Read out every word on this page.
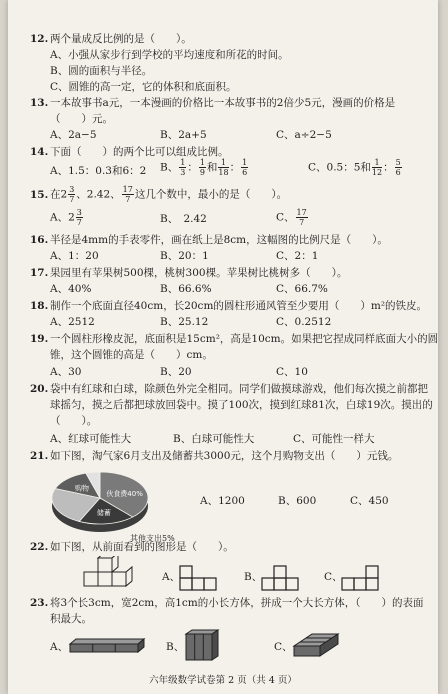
12. 两个量成反比例的是（　　）。
A、小强从家步行到学校的平均速度和所花的时间。
B、圆的面积与半径。
C、圆锥的高一定，它的体积和底面积。
13. 一本故事书a元，一本漫画的价格比一本故事书的2倍少5元，漫画的价格是
（　　）元。
A、2a−5	B、2a+5	C、a÷2−5
14. 下面（　　）的两个比可以组成比例。
A、1.5：0.3和6：2 B、 $\frac{1}{3}$ ： $\frac{1}{9}$ 和 $\frac{1}{18}$ ： $\frac{1}{6}$	C、0.5：5和 $\frac{1}{12}$ ： $\frac{5}{6}$
15. 在$2 \frac{3}{7}$ 、2.42、 $\frac{17}{7}$ 这几个数中，最小的是（　　）。
A、$2 \frac{3}{7}$	B、　2.42	C、 $\frac{17}{7}$
16. 半径是4mm的手表零件，画在纸上是8cm，这幅图的比例尺是（　　）。
A、1：20	B、20：1	C、2：1
17. 果园里有苹果树500棵，桃树300棵。苹果树比桃树多（　　）。
A、40%	B、66.6%	C、66.7%
18. 制作一个底面直径40cm，长20cm的圆柱形通风管至少要用（　　）m²的铁皮。
A、2512	B、25.12	C、0.2512
19. 一个圆柱形橡皮泥，底面积是15cm²，高是10cm。如果把它捏成同样底面大小的圆
锥，这个圆锥的高是（　　）cm。
A、30	B、20	C、10
20. 袋中有红球和白球，除颜色外完全相同。同学们做摸球游戏，他们每次摸之前都把
球摇匀，摸之后都把球放回袋中。摸了100次，摸到红球81次，白球19次。摸出的
（　　）。
A、红球可能性大	B、白球可能性大	C、可能性一样大
21. 如下图，淘气家6月支出及储蓄共3000元，这个月购物支出（　　）元钱。
伙食费40%
储蓄
购物
其他支出5%
A、1200	B、600	C、450
22. 如下图，从前面看到的图形是（　　）。
A、	B、	C、
23. 将3个长3cm，宽2cm，高1cm的小长方体，拼成一个大长方体，（　　）的表面
积最大。
A、	B、	C、
六年级数学试卷第 2 页（共 4 页）
